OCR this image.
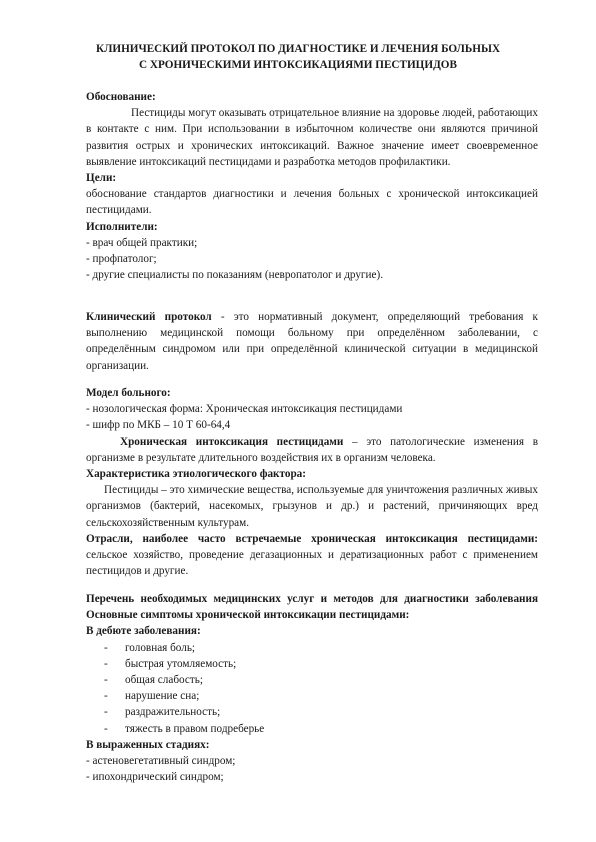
КЛИНИЧЕСКИЙ ПРОТОКОЛ ПО ДИАГНОСТИКЕ И ЛЕЧЕНИЯ БОЛЬНЫХ
С ХРОНИЧЕСКИМИ ИНТОКСИКАЦИЯМИ ПЕСТИЦИДОВ
Обоснование:
Пестициды могут оказывать отрицательное влияние на здоровье людей, работающих в контакте с ним. При использовании в избыточном количестве они являются причиной развития острых и хронических интоксикаций. Важное значение имеет своевременное выявление интоксикаций пестицидами и разработка методов профилактики.
Цели:
обоснование стандартов диагностики и лечения больных с хронической интоксикацией пестицидами.
Исполнители:
- врач общей практики;
- профпатолог;
- другие специалисты по показаниям (невропатолог и другие).
Клинический протокол - это нормативный документ, определяющий требования к выполнению медицинской помощи больному при определённом заболевании, с определённым синдромом или при определённой клинической ситуации в медицинской организации.
Модел больного:
- нозологическая форма: Хроническая интоксикация пестицидами
- шифр по МКБ – 10 Т 60-64,4
Хроническая интоксикация пестицидами – это патологические изменения в организме в результате длительного воздействия их в организм человека.
Характеристика этиологического фактора:
Пестициды – это химические вещества, используемые для уничтожения различных живых организмов (бактерий, насекомых, грызунов и др.) и растений, причиняющих вред сельскохозяйственным культурам.
Отрасли, наиболее часто встречаемые хроническая интоксикация пестицидами: сельское хозяйство, проведение дегазационных и дератизационных работ с применением пестицидов и другие.
Перечень необходимых медицинских услуг и методов для диагностики заболевания
Основные симптомы хронической интоксикации пестицидами:
В дебюте заболевания:
- головная боль;
- быстрая утомляемость;
- общая слабость;
- нарушение сна;
- раздражительность;
- тяжесть в правом подреберье
В выраженных стадиях:
- астеновегетативный синдром;
- ипохондрический синдром;
